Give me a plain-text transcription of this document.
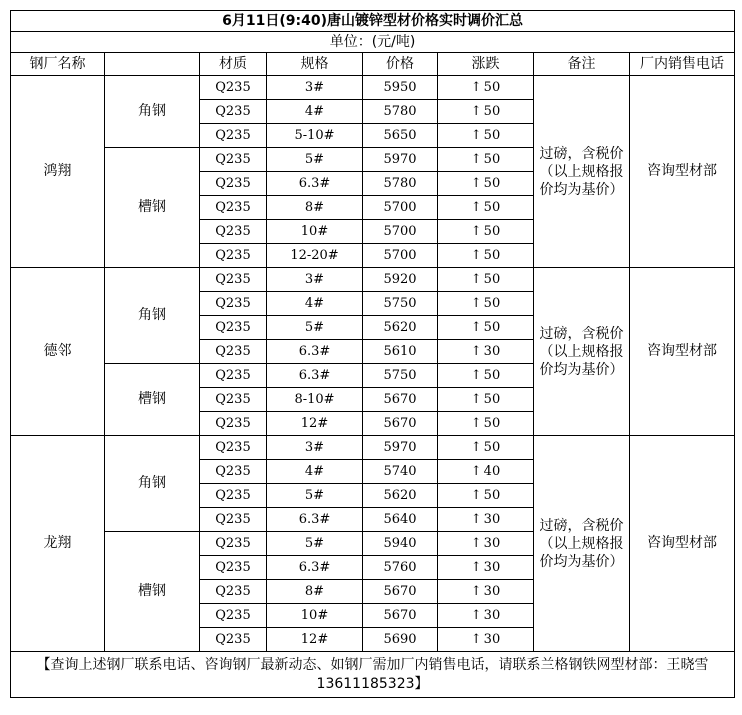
6月11日(9:40)唐山镀锌型材价格实时调价汇总							
单位：(元/吨)							
钢厂名称		材质	规格	价格	涨跌	备注	厂内销售电话
鸿翔	角钢	Q235	3#	5950	↑ 50	过磅，含税价（以上规格报价均为基价）	咨询型材部
		Q235	4#	5780	↑ 50		
		Q235	5-10#	5650	↑ 50		
	槽钢	Q235	5#	5970	↑ 50		
		Q235	6.3#	5780	↑ 50		
		Q235	8#	5700	↑ 50		
		Q235	10#	5700	↑ 50		
		Q235	12-20#	5700	↑ 50		
德邻	角钢	Q235	3#	5920	↑ 50	过磅，含税价（以上规格报价均为基价）	咨询型材部
		Q235	4#	5750	↑ 50		
		Q235	5#	5620	↑ 50		
		Q235	6.3#	5610	↑ 30		
	槽钢	Q235	6.3#	5750	↑ 50		
		Q235	8-10#	5670	↑ 50		
		Q235	12#	5670	↑ 50		
龙翔	角钢	Q235	3#	5970	↑ 50	过磅，含税价（以上规格报价均为基价）	咨询型材部
		Q235	4#	5740	↑ 40		
		Q235	5#	5620	↑ 50		
		Q235	6.3#	5640	↑ 30		
	槽钢	Q235	5#	5940	↑ 30		
		Q235	6.3#	5760	↑ 30		
		Q235	8#	5670	↑ 30		
		Q235	10#	5670	↑ 30		
		Q235	12#	5690	↑ 30		
【查询上述钢厂联系电话、咨询钢厂最新动态、如钢厂需加厂内销售电话，请联系兰格钢铁网型材部：王晓雪13611185323】							
